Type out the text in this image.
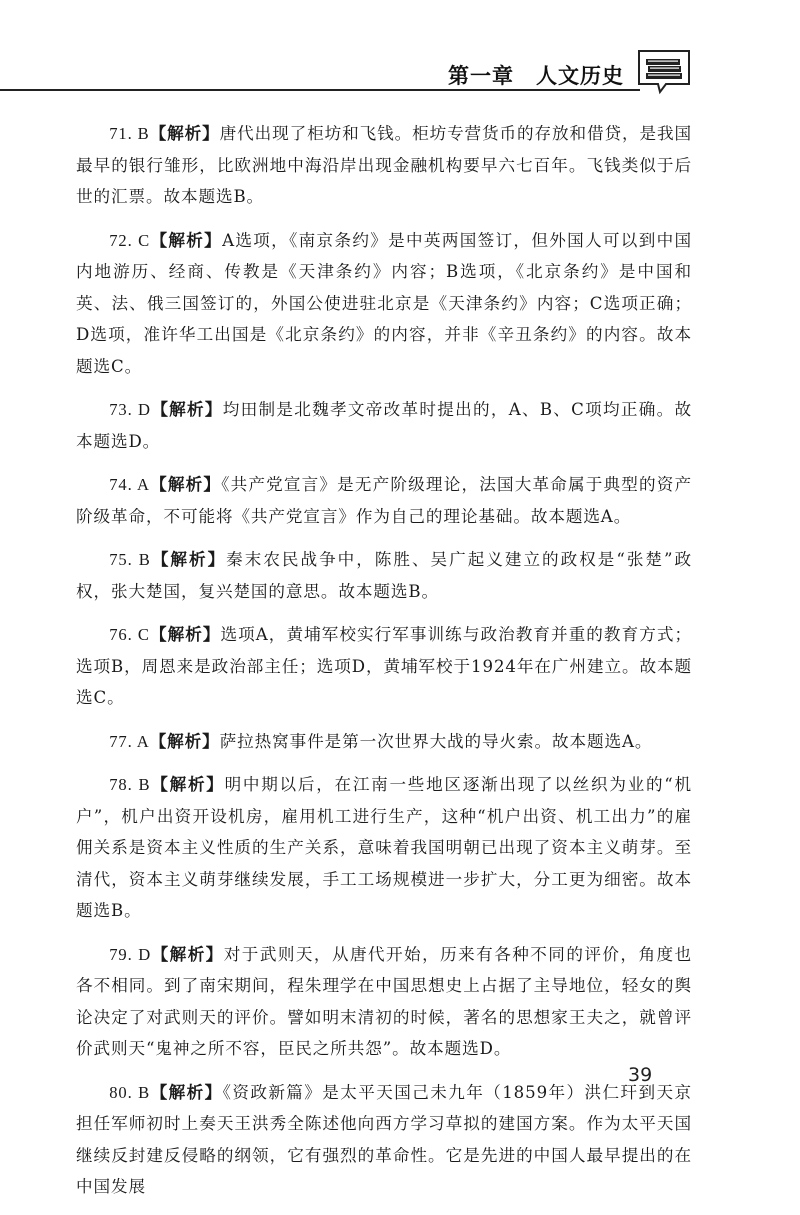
第一章　人文历史

71. B【解析】唐代出现了柜坊和飞钱。柜坊专营货币的存放和借贷，是我国最早的银行雏形，比欧洲地中海沿岸出现金融机构要早六七百年。飞钱类似于后世的汇票。故本题选B。

72. C【解析】A选项，《南京条约》是中英两国签订，但外国人可以到中国内地游历、经商、传教是《天津条约》内容；B选项，《北京条约》是中国和英、法、俄三国签订的，外国公使进驻北京是《天津条约》内容；C选项正确；D选项，准许华工出国是《北京条约》的内容，并非《辛丑条约》的内容。故本题选C。

73. D【解析】均田制是北魏孝文帝改革时提出的，A、B、C项均正确。故本题选D。

74. A【解析】《共产党宣言》是无产阶级理论，法国大革命属于典型的资产阶级革命，不可能将《共产党宣言》作为自己的理论基础。故本题选A。

75. B【解析】秦末农民战争中，陈胜、吴广起义建立的政权是“张楚”政权，张大楚国，复兴楚国的意思。故本题选B。

76. C【解析】选项A，黄埔军校实行军事训练与政治教育并重的教育方式；选项B，周恩来是政治部主任；选项D，黄埔军校于1924年在广州建立。故本题选C。

77. A【解析】萨拉热窝事件是第一次世界大战的导火索。故本题选A。

78. B【解析】明中期以后，在江南一些地区逐渐出现了以丝织为业的“机户”，机户出资开设机房，雇用机工进行生产，这种“机户出资、机工出力”的雇佣关系是资本主义性质的生产关系，意味着我国明朝已出现了资本主义萌芽。至清代，资本主义萌芽继续发展，手工工场规模进一步扩大，分工更为细密。故本题选B。

79. D【解析】对于武则天，从唐代开始，历来有各种不同的评价，角度也各不相同。到了南宋期间，程朱理学在中国思想史上占据了主导地位，轻女的舆论决定了对武则天的评价。譬如明末清初的时候，著名的思想家王夫之，就曾评价武则天“鬼神之所不容，臣民之所共怨”。故本题选D。

80. B【解析】《资政新篇》是太平天国己未九年（1859年）洪仁玕到天京担任军师初时上奏天王洪秀全陈述他向西方学习草拟的建国方案。作为太平天国继续反封建反侵略的纲领，它有强烈的革命性。它是先进的中国人最早提出的在中国发展

39
